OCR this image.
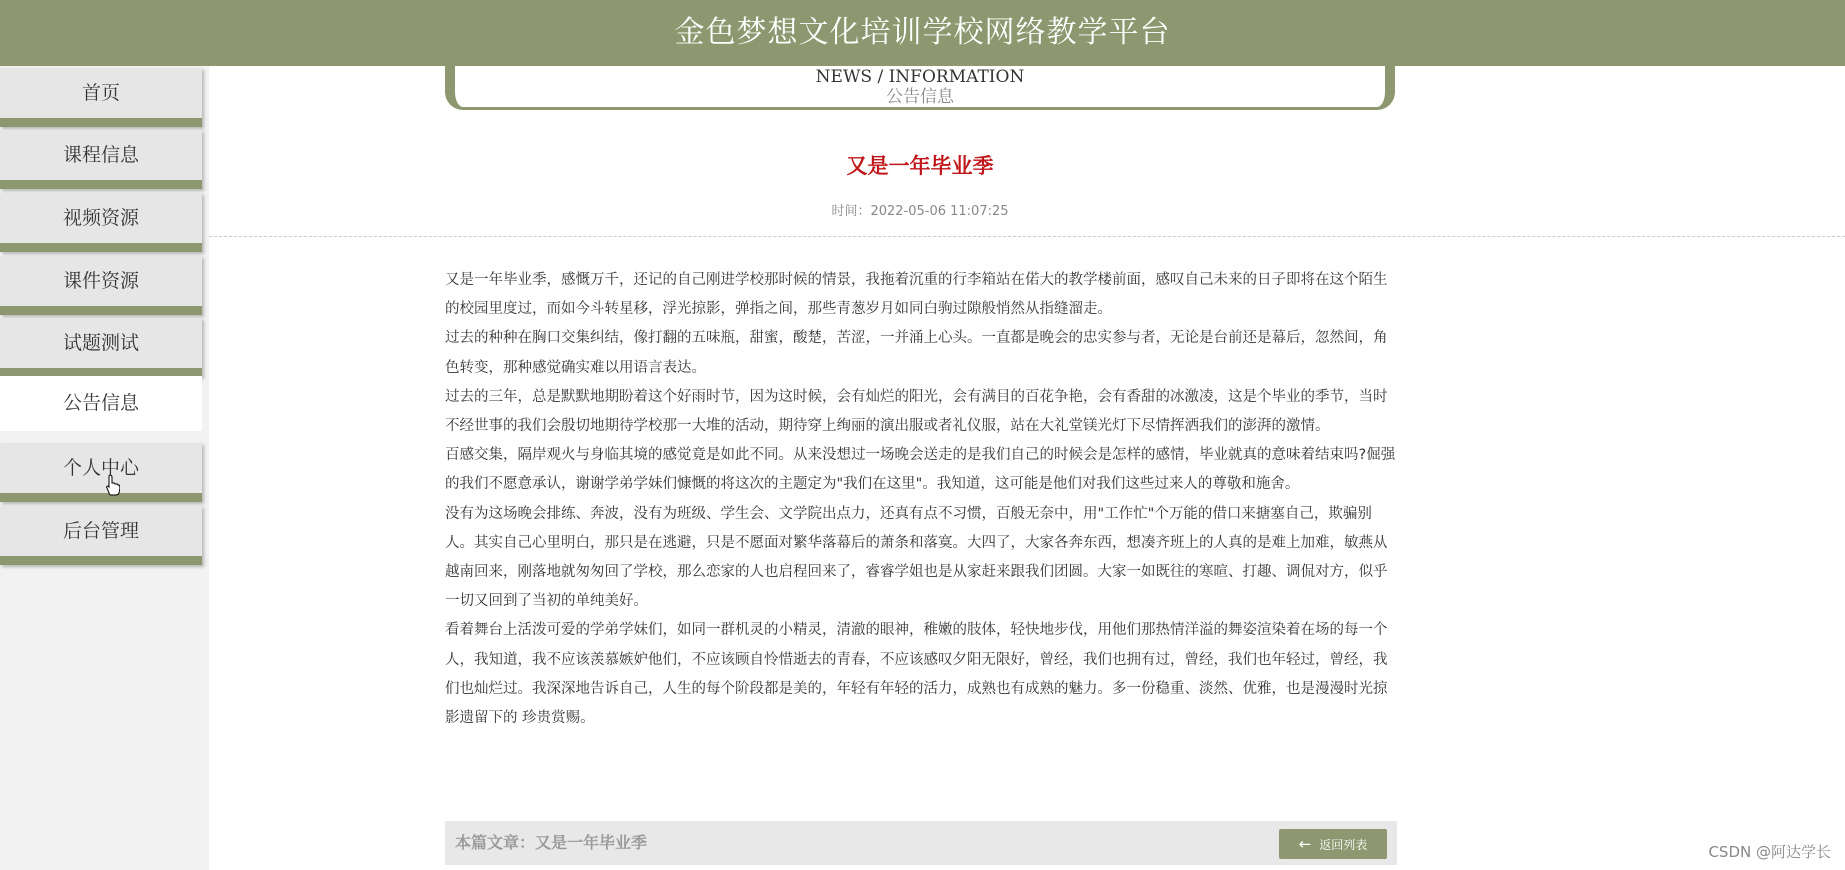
金色梦想文化培训学校网络教学平台
首页
课程信息
视频资源
课件资源
试题测试
公告信息
个人中心
后台管理
NEWS / INFORMATION
公告信息
又是一年毕业季
时间：2022-05-06 11:07:25

又是一年毕业季，感慨万千，还记的自己刚进学校那时候的情景，我拖着沉重的行李箱站在偌大的教学楼前面，感叹自己未来的日子即将在这个陌生的校园里度过，而如今斗转星移，浮光掠影，弹指之间，那些青葱岁月如同白驹过隙般悄然从指缝溜走。

过去的种种在胸口交集纠结，像打翻的五味瓶，甜蜜，酸楚，苦涩，一并涌上心头。一直都是晚会的忠实参与者，无论是台前还是幕后，忽然间，角色转变，那种感觉确实难以用语言表达。

过去的三年，总是默默地期盼着这个好雨时节，因为这时候，会有灿烂的阳光，会有满目的百花争艳，会有香甜的冰激凌，这是个毕业的季节，当时不经世事的我们会殷切地期待学校那一大堆的活动，期待穿上绚丽的演出服或者礼仪服，站在大礼堂镁光灯下尽情挥洒我们的澎湃的激情。

百感交集，隔岸观火与身临其境的感觉竟是如此不同。从来没想过一场晚会送走的是我们自己的时候会是怎样的感情，毕业就真的意味着结束吗?倔强的我们不愿意承认，谢谢学弟学妹们慷慨的将这次的主题定为"我们在这里"。我知道，这可能是他们对我们这些过来人的尊敬和施舍。

没有为这场晚会排练、奔波，没有为班级、学生会、文学院出点力，还真有点不习惯，百般无奈中，用"工作忙"个万能的借口来搪塞自己，欺骗别人。其实自己心里明白，那只是在逃避，只是不愿面对繁华落幕后的萧条和落寞。大四了，大家各奔东西，想凑齐班上的人真的是难上加难，敏燕从越南回来，刚落地就匆匆回了学校，那么恋家的人也启程回来了，睿睿学姐也是从家赶来跟我们团圆。大家一如既往的寒暄、打趣、调侃对方，似乎一切又回到了当初的单纯美好。

看着舞台上活泼可爱的学弟学妹们，如同一群机灵的小精灵，清澈的眼神，稚嫩的肢体，轻快地步伐，用他们那热情洋溢的舞姿渲染着在场的每一个人，我知道，我不应该羡慕嫉妒他们，不应该顾自怜惜逝去的青春，不应该感叹夕阳无限好，曾经，我们也拥有过，曾经，我们也年轻过，曾经，我们也灿烂过。我深深地告诉自己，人生的每个阶段都是美的，年轻有年轻的活力，成熟也有成熟的魅力。多一份稳重、淡然、优雅，也是漫漫时光掠影遗留下的 珍贵赏赐。

本篇文章：又是一年毕业季	← 返回列表	CSDN @阿达学长
